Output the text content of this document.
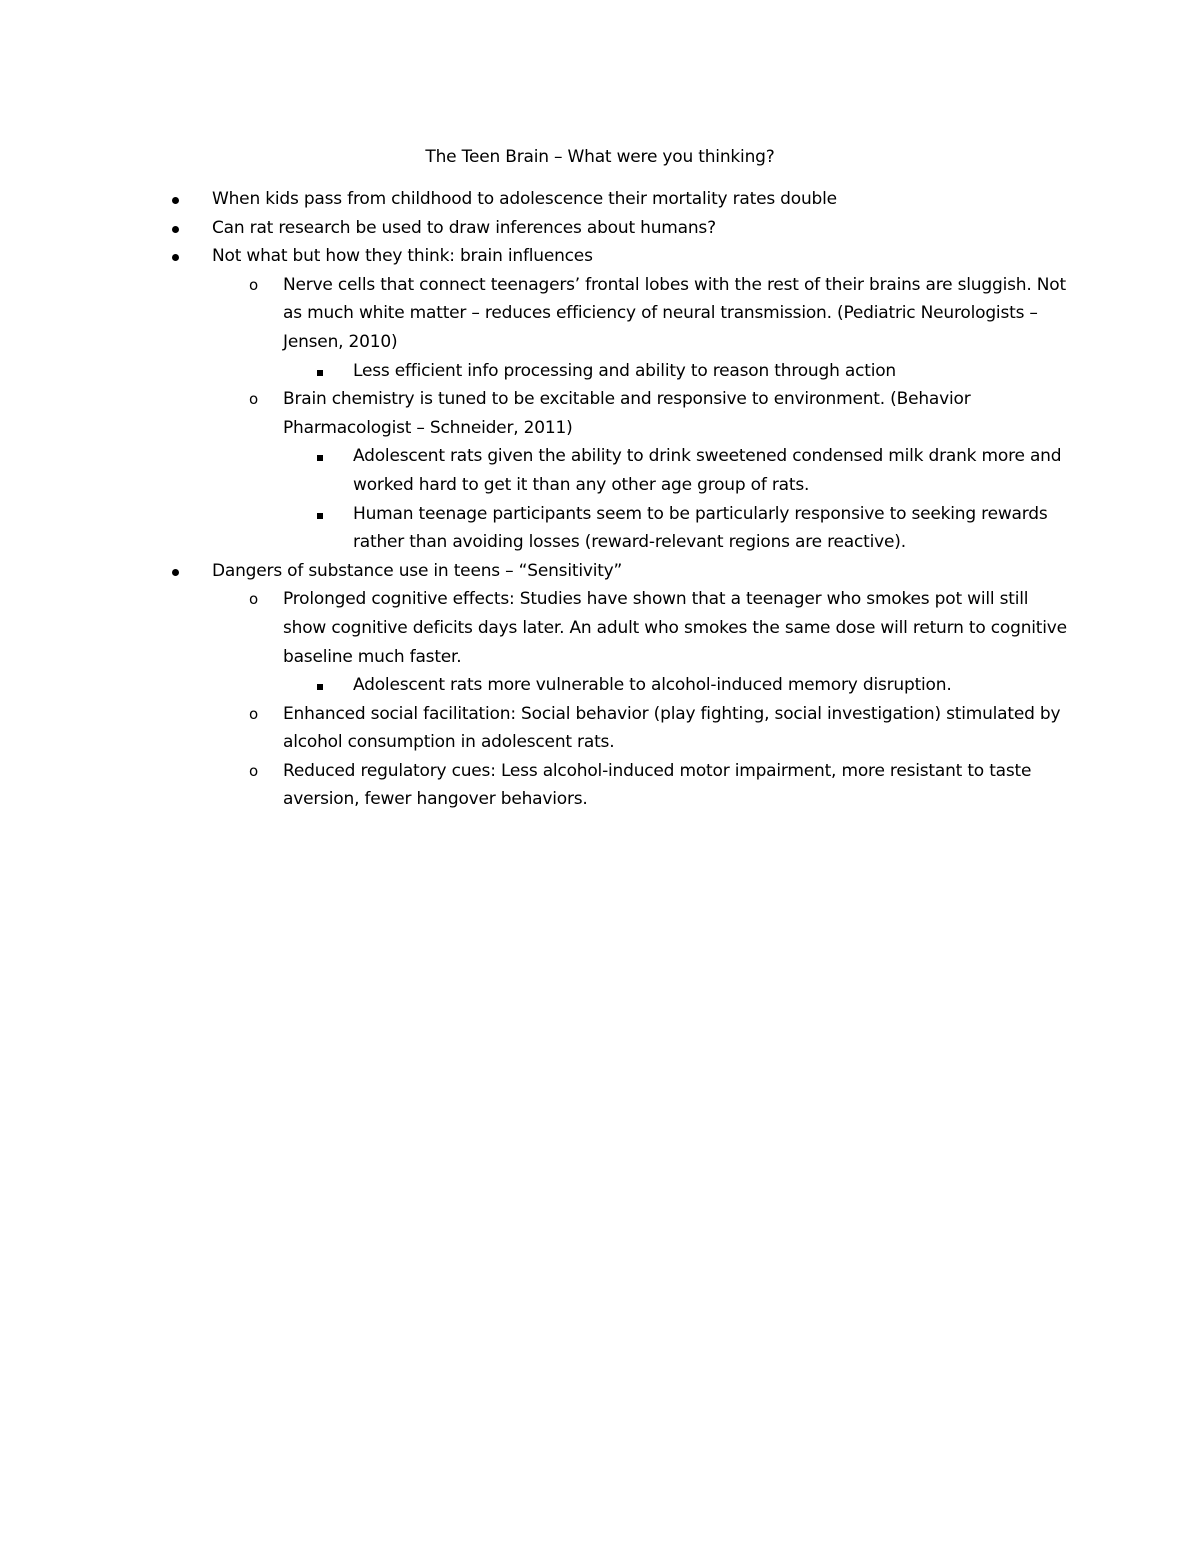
The Teen Brain – What were you thinking?
When kids pass from childhood to adolescence their mortality rates double
Can rat research be used to draw inferences about humans?
Not what but how they think: brain influences
o Nerve cells that connect teenagers’ frontal lobes with the rest of their brains are sluggish. Not as much white matter – reduces efficiency of neural transmission. (Pediatric Neurologists – Jensen, 2010)
Less efficient info processing and ability to reason through action
o Brain chemistry is tuned to be excitable and responsive to environment. (Behavior Pharmacologist – Schneider, 2011)
Adolescent rats given the ability to drink sweetened condensed milk drank more and worked hard to get it than any other age group of rats.
Human teenage participants seem to be particularly responsive to seeking rewards rather than avoiding losses (reward-relevant regions are reactive).
Dangers of substance use in teens – “Sensitivity”
o Prolonged cognitive effects: Studies have shown that a teenager who smokes pot will still show cognitive deficits days later. An adult who smokes the same dose will return to cognitive baseline much faster.
Adolescent rats more vulnerable to alcohol-induced memory disruption.
o Enhanced social facilitation: Social behavior (play fighting, social investigation) stimulated by alcohol consumption in adolescent rats.
o Reduced regulatory cues: Less alcohol-induced motor impairment, more resistant to taste aversion, fewer hangover behaviors.
